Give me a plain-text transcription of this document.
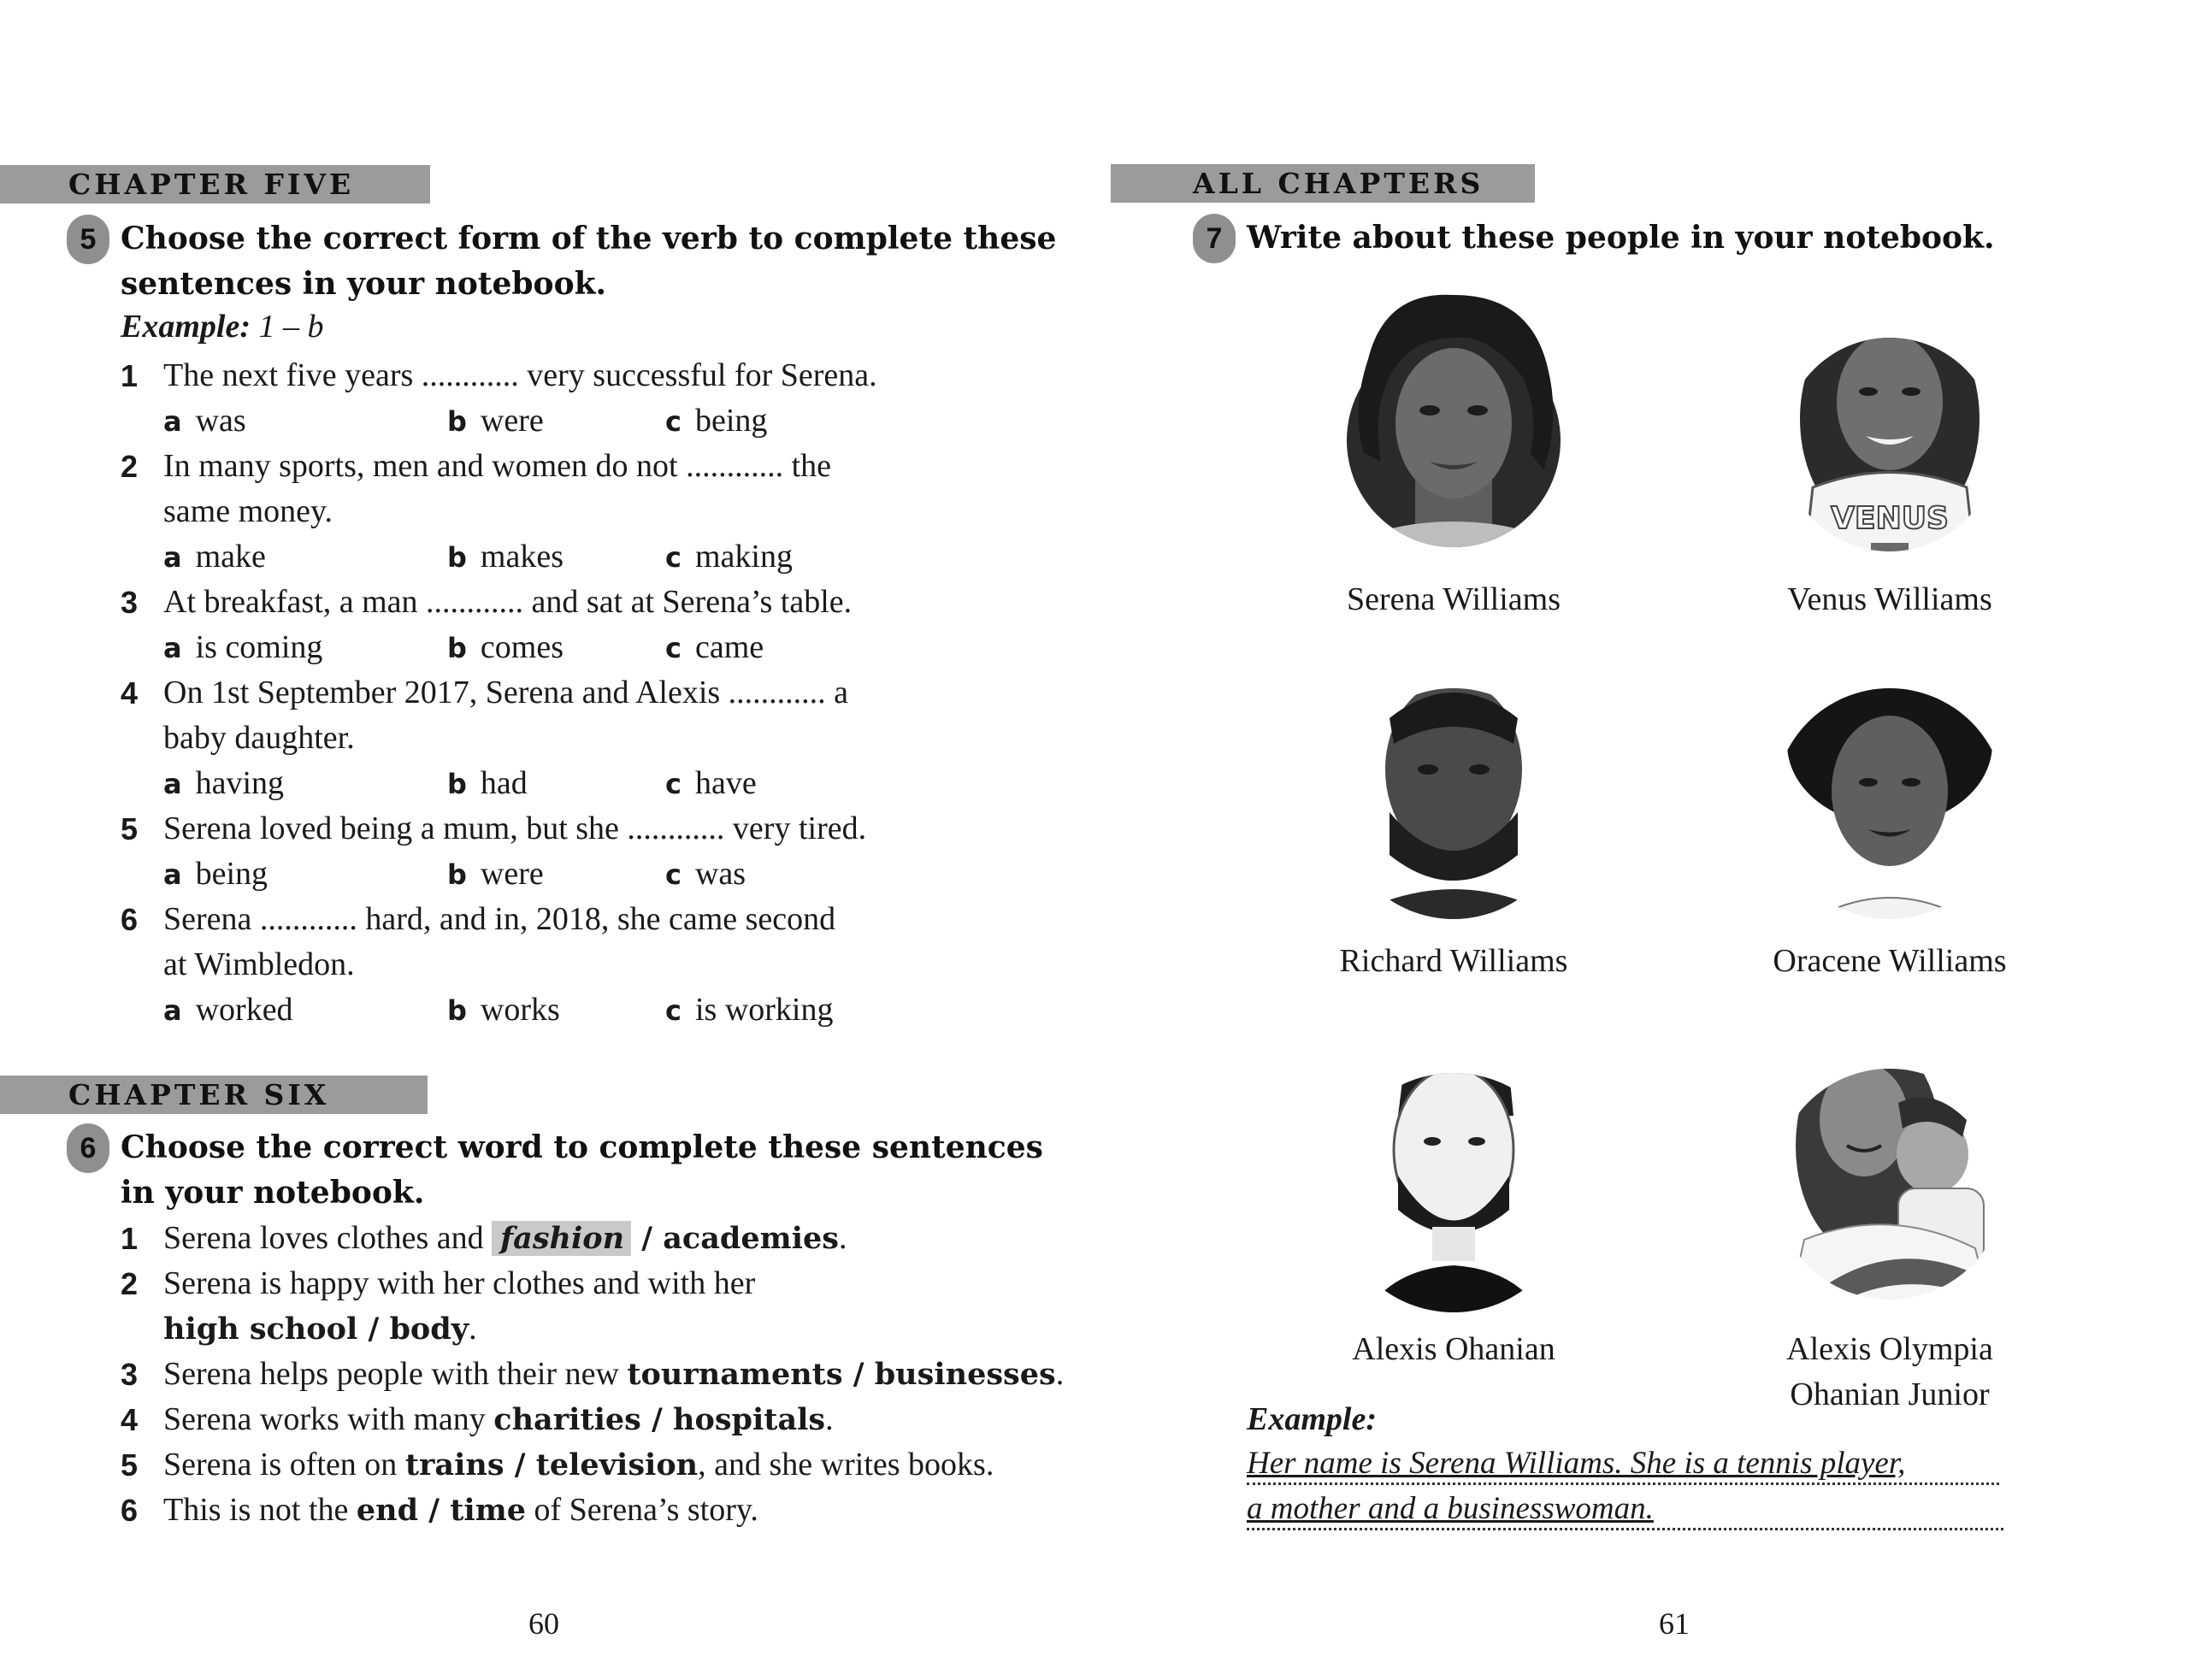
CHAPTER FIVE
5 Choose the correct form of the verb to complete these
sentences in your notebook.
Example: 1 – b
1 The next five years ............ very successful for Serena.
a was	b were	c being
2 In many sports, men and women do not ............ the
same money.
a make	b makes	c making
3 At breakfast, a man ............ and sat at Serena’s table.
a is coming	b comes	c came
4 On 1st September 2017, Serena and Alexis ............ a
baby daughter.
a having	b had	c have
5 Serena loved being a mum, but she ............ very tired.
a being	b were	c was
6 Serena ............ hard, and in, 2018, she came second
at Wimbledon.
a worked	b works	c is working
CHAPTER SIX
6 Choose the correct word to complete these sentences
in your notebook.
1 Serena loves clothes and fashion / academies.
2 Serena is happy with her clothes and with her
high school / body.
3 Serena helps people with their new tournaments / businesses.
4 Serena works with many charities / hospitals.
5 Serena is often on trains / television, and she writes books.
6 This is not the end / time of Serena’s story.
60
ALL CHAPTERS
7 Write about these people in your notebook.
Serena Williams
VENUS
Venus Williams
Richard Williams	Oracene Williams
Alexis Ohanian	Alexis Olympia
Ohanian Junior
Example:
Her name is Serena Williams. She is a tennis player,
a mother and a businesswoman.
61
